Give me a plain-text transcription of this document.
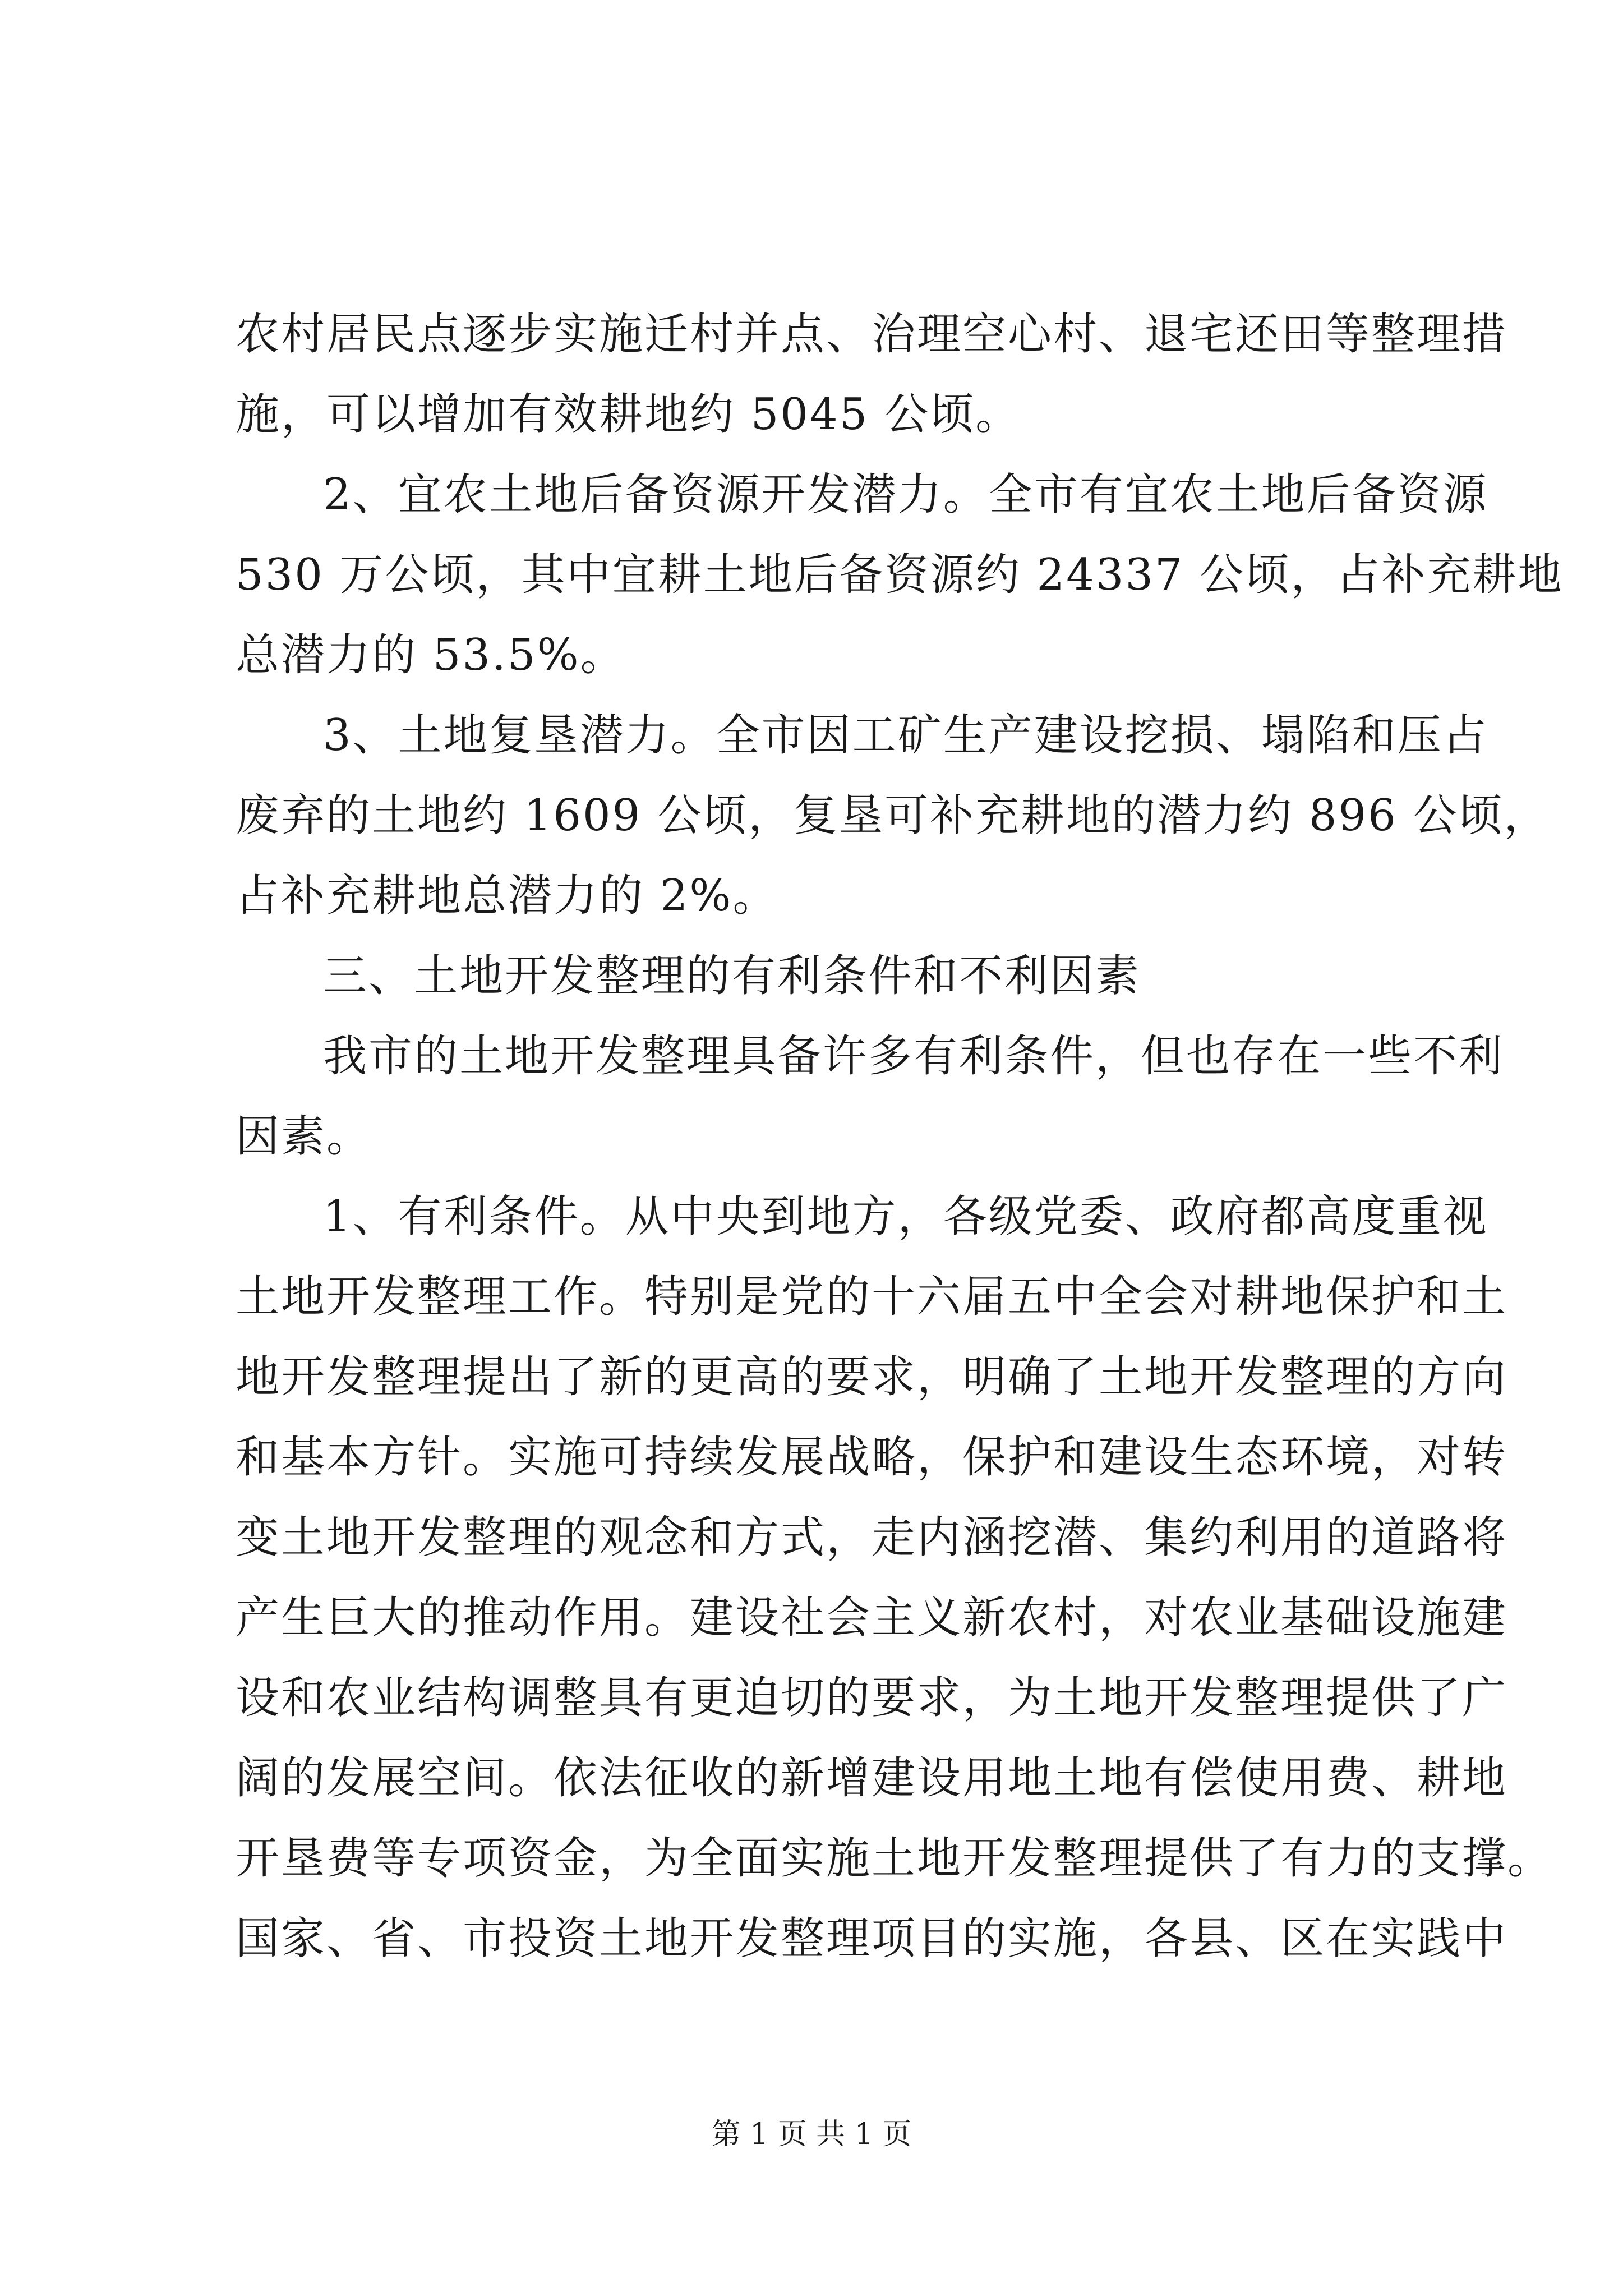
农村居民点逐步实施迁村并点、治理空心村、退宅还田等整理措
施，可以增加有效耕地约 5045 公顷。
2、宜农土地后备资源开发潜力。全市有宜农土地后备资源
530 万公顷，其中宜耕土地后备资源约 24337 公顷，占补充耕地
总潜力的 53.5%。
3、土地复垦潜力。全市因工矿生产建设挖损、塌陷和压占
废弃的土地约 1609 公顷，复垦可补充耕地的潜力约 896 公顷，
占补充耕地总潜力的 2%。
三、土地开发整理的有利条件和不利因素
我市的土地开发整理具备许多有利条件，但也存在一些不利
因素。
1、有利条件。从中央到地方，各级党委、政府都高度重视
土地开发整理工作。特别是党的十六届五中全会对耕地保护和土
地开发整理提出了新的更高的要求，明确了土地开发整理的方向
和基本方针。实施可持续发展战略，保护和建设生态环境，对转
变土地开发整理的观念和方式，走内涵挖潜、集约利用的道路将
产生巨大的推动作用。建设社会主义新农村，对农业基础设施建
设和农业结构调整具有更迫切的要求，为土地开发整理提供了广
阔的发展空间。依法征收的新增建设用地土地有偿使用费、耕地
开垦费等专项资金，为全面实施土地开发整理提供了有力的支撑。
国家、省、市投资土地开发整理项目的实施，各县、区在实践中
第 1 页 共 1 页
